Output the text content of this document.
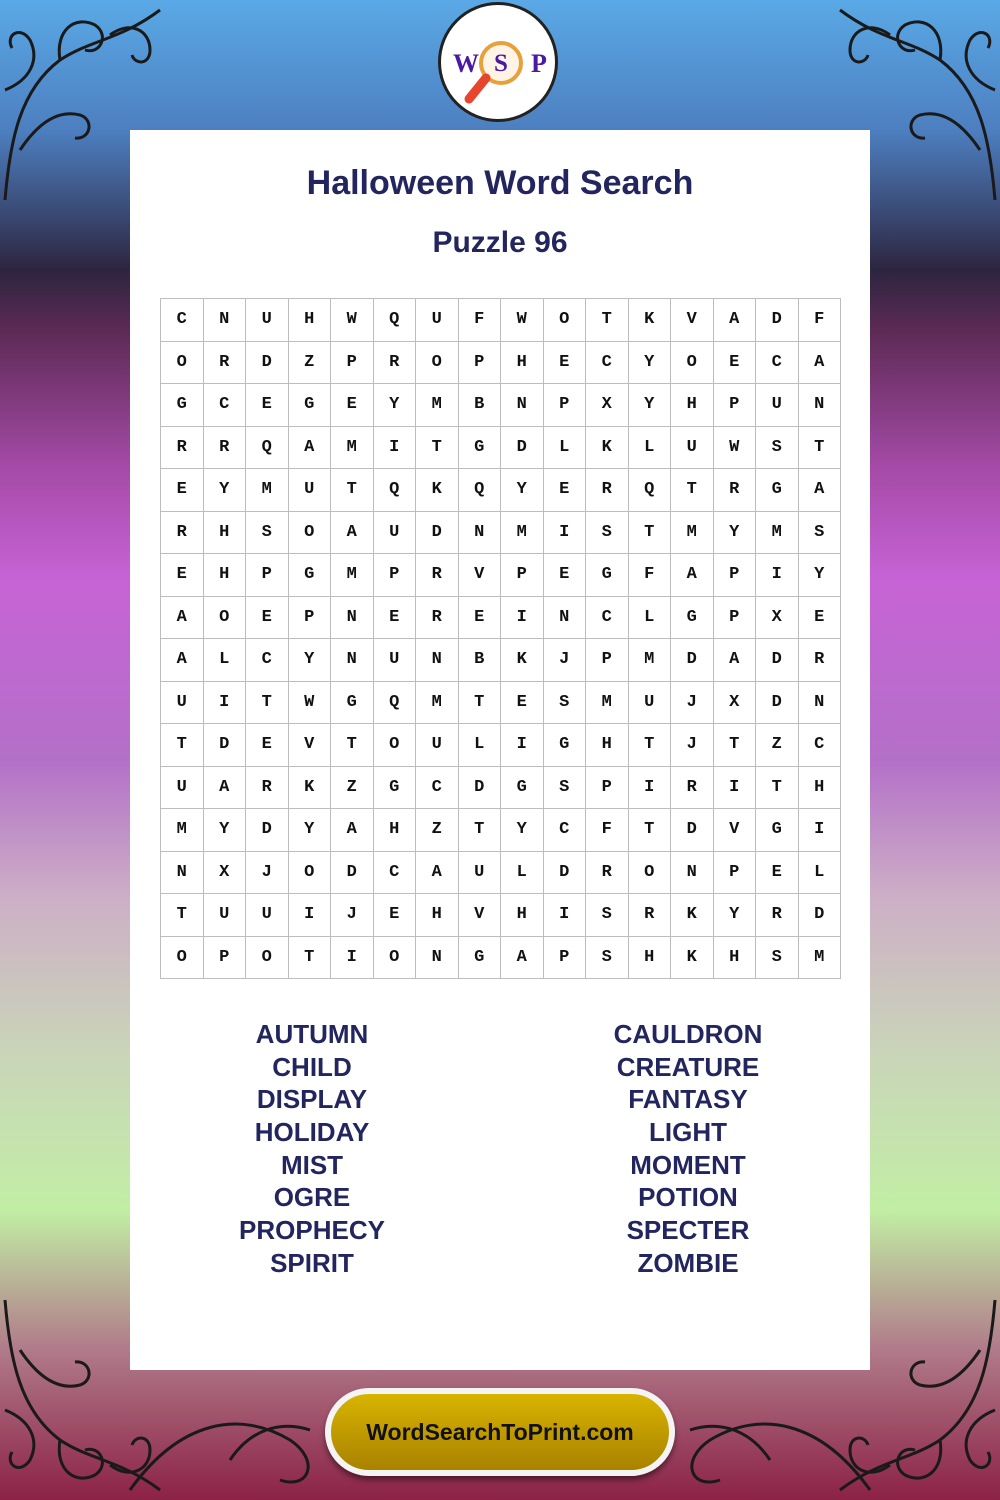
W S P
Halloween Word Search
Puzzle 96
C	N	U	H	W	Q	U	F	W	O	T	K	V	A	D	F
O	R	D	Z	P	R	O	P	H	E	C	Y	O	E	C	A
G	C	E	G	E	Y	M	B	N	P	X	Y	H	P	U	N
R	R	Q	A	M	I	T	G	D	L	K	L	U	W	S	T
E	Y	M	U	T	Q	K	Q	Y	E	R	Q	T	R	G	A
R	H	S	O	A	U	D	N	M	I	S	T	M	Y	M	S
E	H	P	G	M	P	R	V	P	E	G	F	A	P	I	Y
A	O	E	P	N	E	R	E	I	N	C	L	G	P	X	E
A	L	C	Y	N	U	N	B	K	J	P	M	D	A	D	R
U	I	T	W	G	Q	M	T	E	S	M	U	J	X	D	N
T	D	E	V	T	O	U	L	I	G	H	T	J	T	Z	C
U	A	R	K	Z	G	C	D	G	S	P	I	R	I	T	H
M	Y	D	Y	A	H	Z	T	Y	C	F	T	D	V	G	I
N	X	J	O	D	C	A	U	L	D	R	O	N	P	E	L
T	U	U	I	J	E	H	V	H	I	S	R	K	Y	R	D
O	P	O	T	I	O	N	G	A	P	S	H	K	H	S	M
AUTUMN
CHILD
DISPLAY
HOLIDAY
MIST
OGRE
PROPHECY
SPIRIT
CAULDRON
CREATURE
FANTASY
LIGHT
MOMENT
POTION
SPECTER
ZOMBIE
WordSearchToPrint.com
